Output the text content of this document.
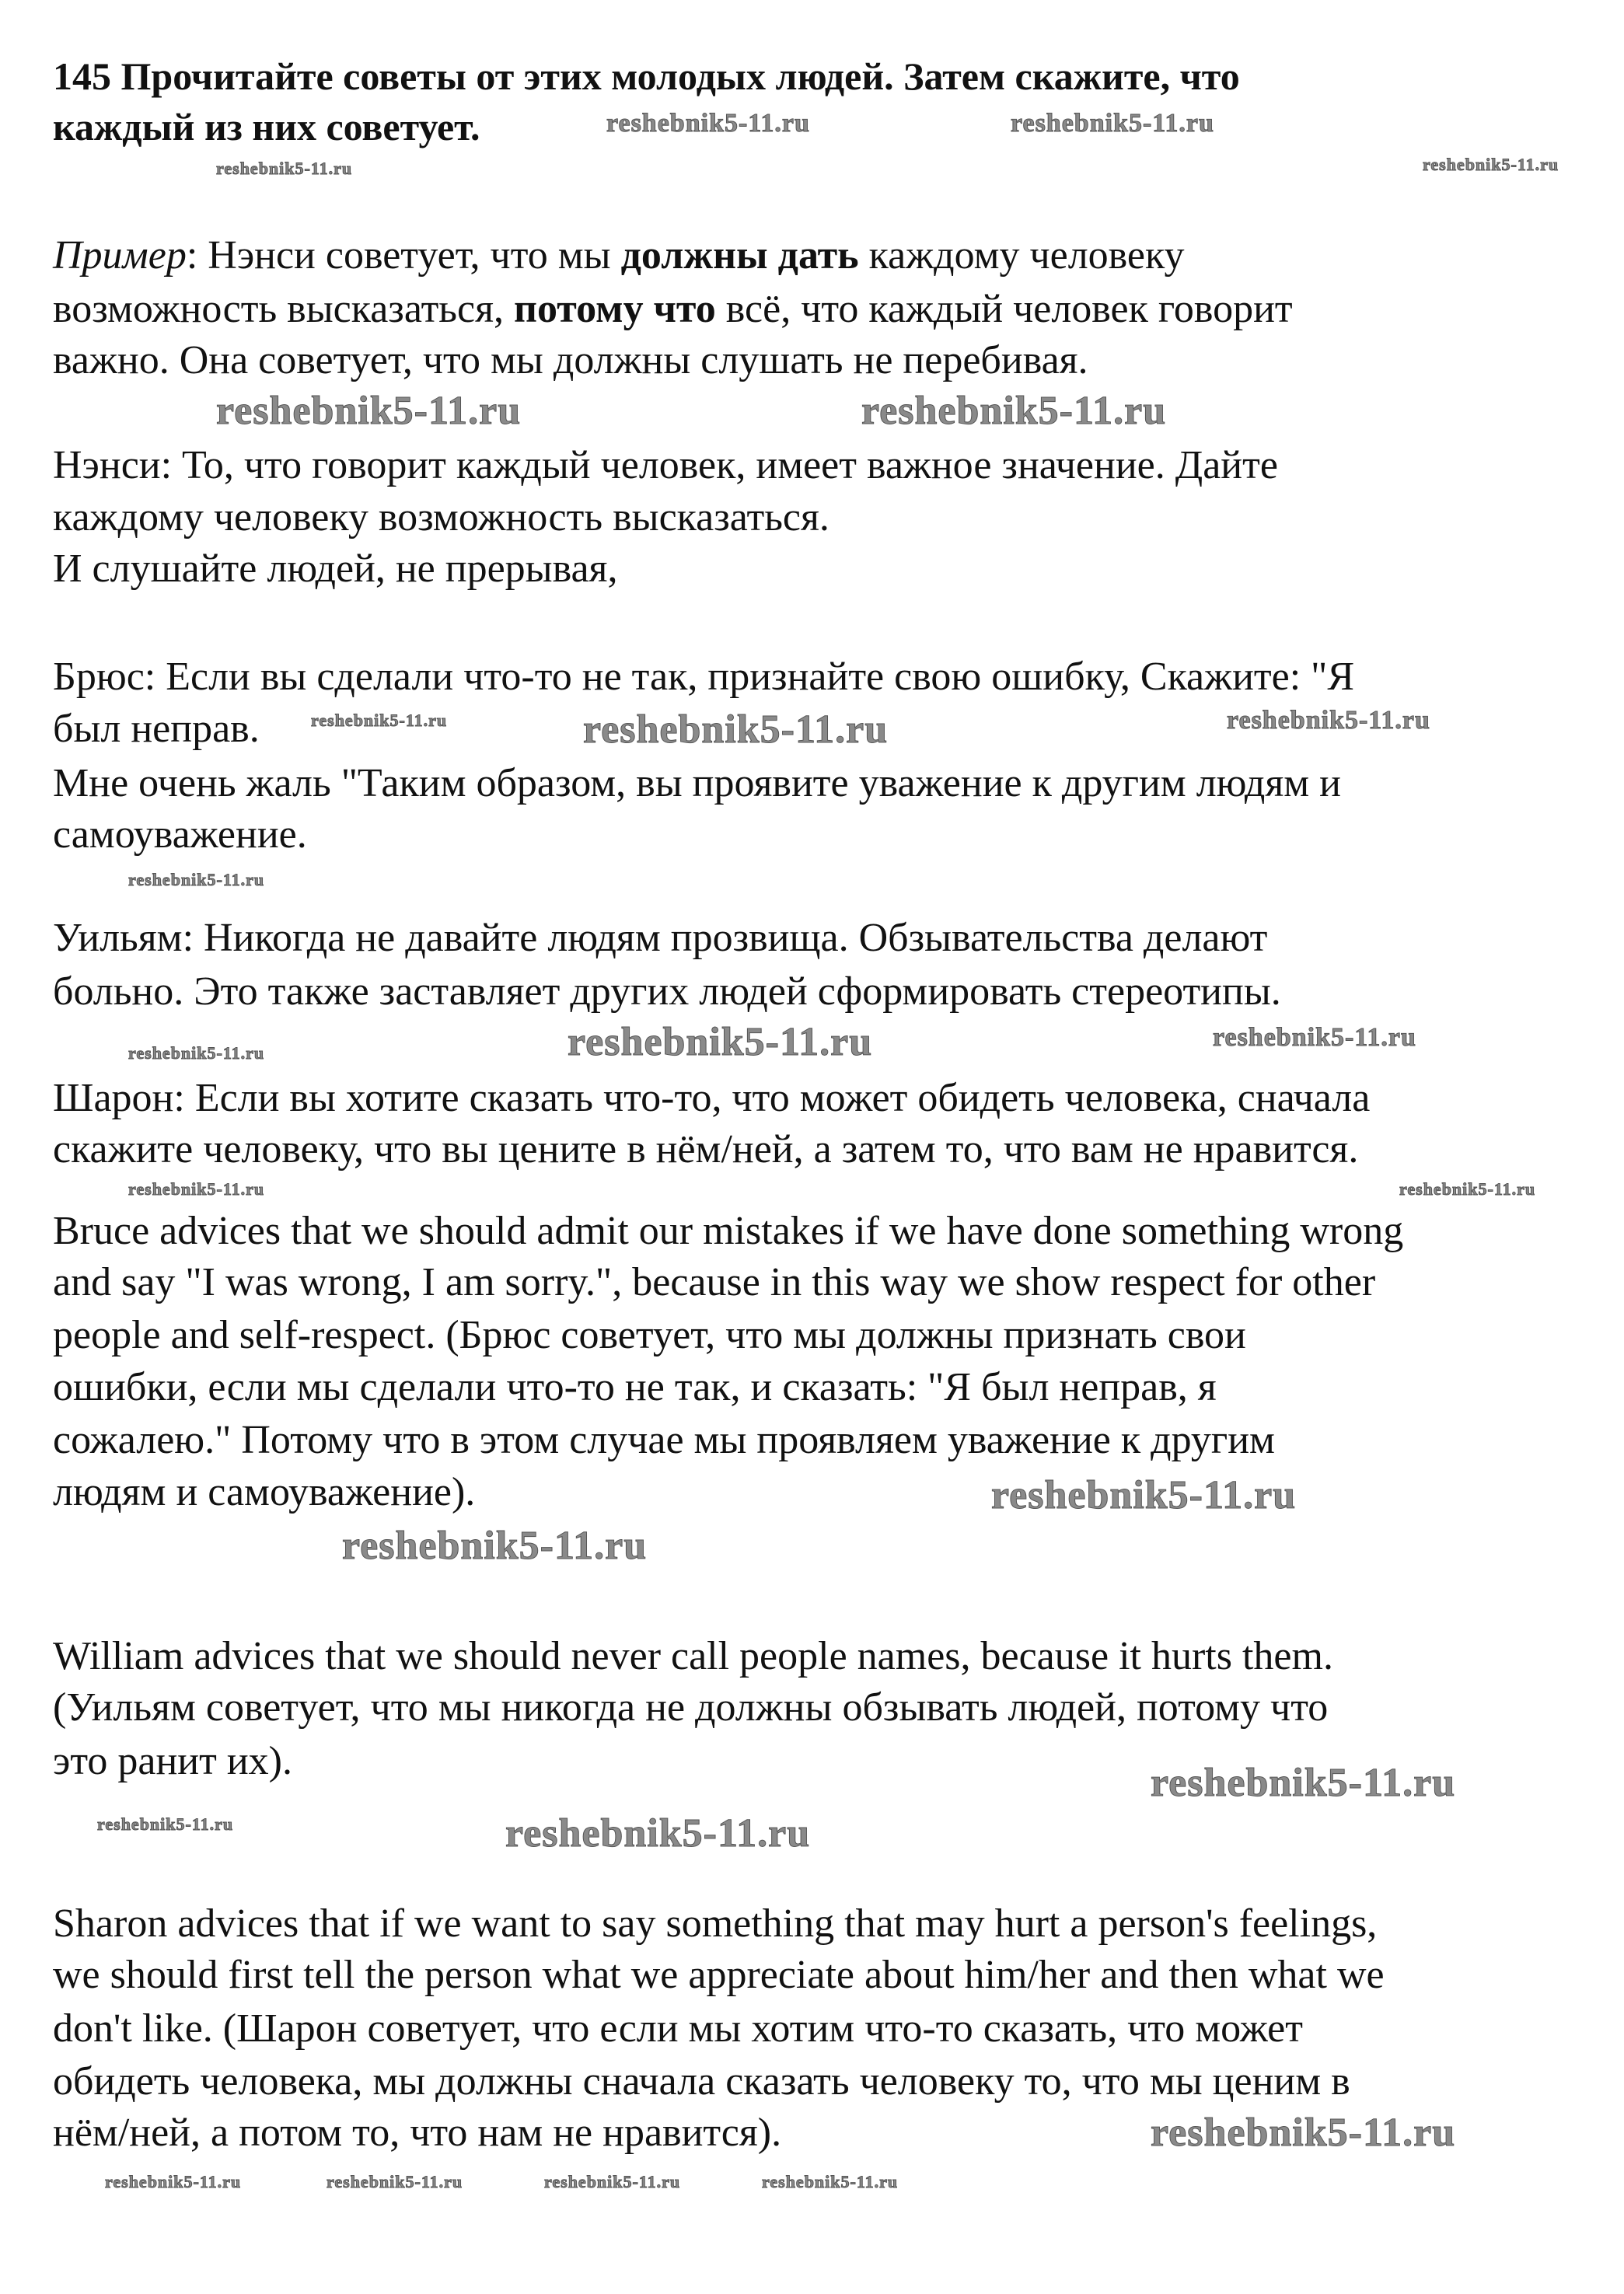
145 Прочитайте советы от этих молодых людей. Затем скажите, что
каждый из них советует.
Пример: Нэнси советует, что мы должны дать каждому человеку
возможность высказаться, потому что всё, что каждый человек говорит
важно. Она советует, что мы должны слушать не перебивая.
Нэнси: То, что говорит каждый человек, имеет важное значение. Дайте
каждому человеку возможность высказаться.
И слушайте людей, не прерывая,
Брюс: Если вы сделали что-то не так, признайте свою ошибку, Скажите: "Я
был неправ.
Мне очень жаль "Таким образом, вы проявите уважение к другим людям и
самоуважение.
Уильям: Никогда не давайте людям прозвища. Обзывательства делают
больно. Это также заставляет других людей сформировать стереотипы.
Шарон: Если вы хотите сказать что-то, что может обидеть человека, сначала
скажите человеку, что вы цените в нём/ней, а затем то, что вам не нравится.
Bruce advices that we should admit our mistakes if we have done something wrong
and say "I was wrong, I am sorry.", because in this way we show respect for other
people and self-respect. (Брюс советует, что мы должны признать свои
ошибки, если мы сделали что-то не так, и сказать: "Я был неправ, я
сожалею." Потому что в этом случае мы проявляем уважение к другим
людям и самоуважение).
William advices that we should never call people names, because it hurts them.
(Уильям советует, что мы никогда не должны обзывать людей, потому что
это ранит их).
Sharon advices that if we want to say something that may hurt a person's feelings,
we should first tell the person what we appreciate about him/her and then what we
don't like. (Шарон советует, что если мы хотим что-то сказать, что может
обидеть человека, мы должны сначала сказать человеку то, что мы ценим в
нём/ней, а потом то, что нам не нравится).
reshebnik5-11.ru	reshebnik5-11.ru
reshebnik5-11.ru
reshebnik5-11.ru
reshebnik5-11.ru
reshebnik5-11.ru
reshebnik5-11.ru
reshebnik5-11.ru
reshebnik5-11.ru
reshebnik5-11.ru	reshebnik5-11.ru
reshebnik5-11.ru
reshebnik5-11.ru
reshebnik5-11.ru	reshebnik5-11.ru
reshebnik5-11.ru
reshebnik5-11.ru
reshebnik5-11.ru
reshebnik5-11.ru	reshebnik5-11.ru
reshebnik5-11.ru
reshebnik5-11.ru	reshebnik5-11.ru	reshebnik5-11.ru	reshebnik5-11.ru
